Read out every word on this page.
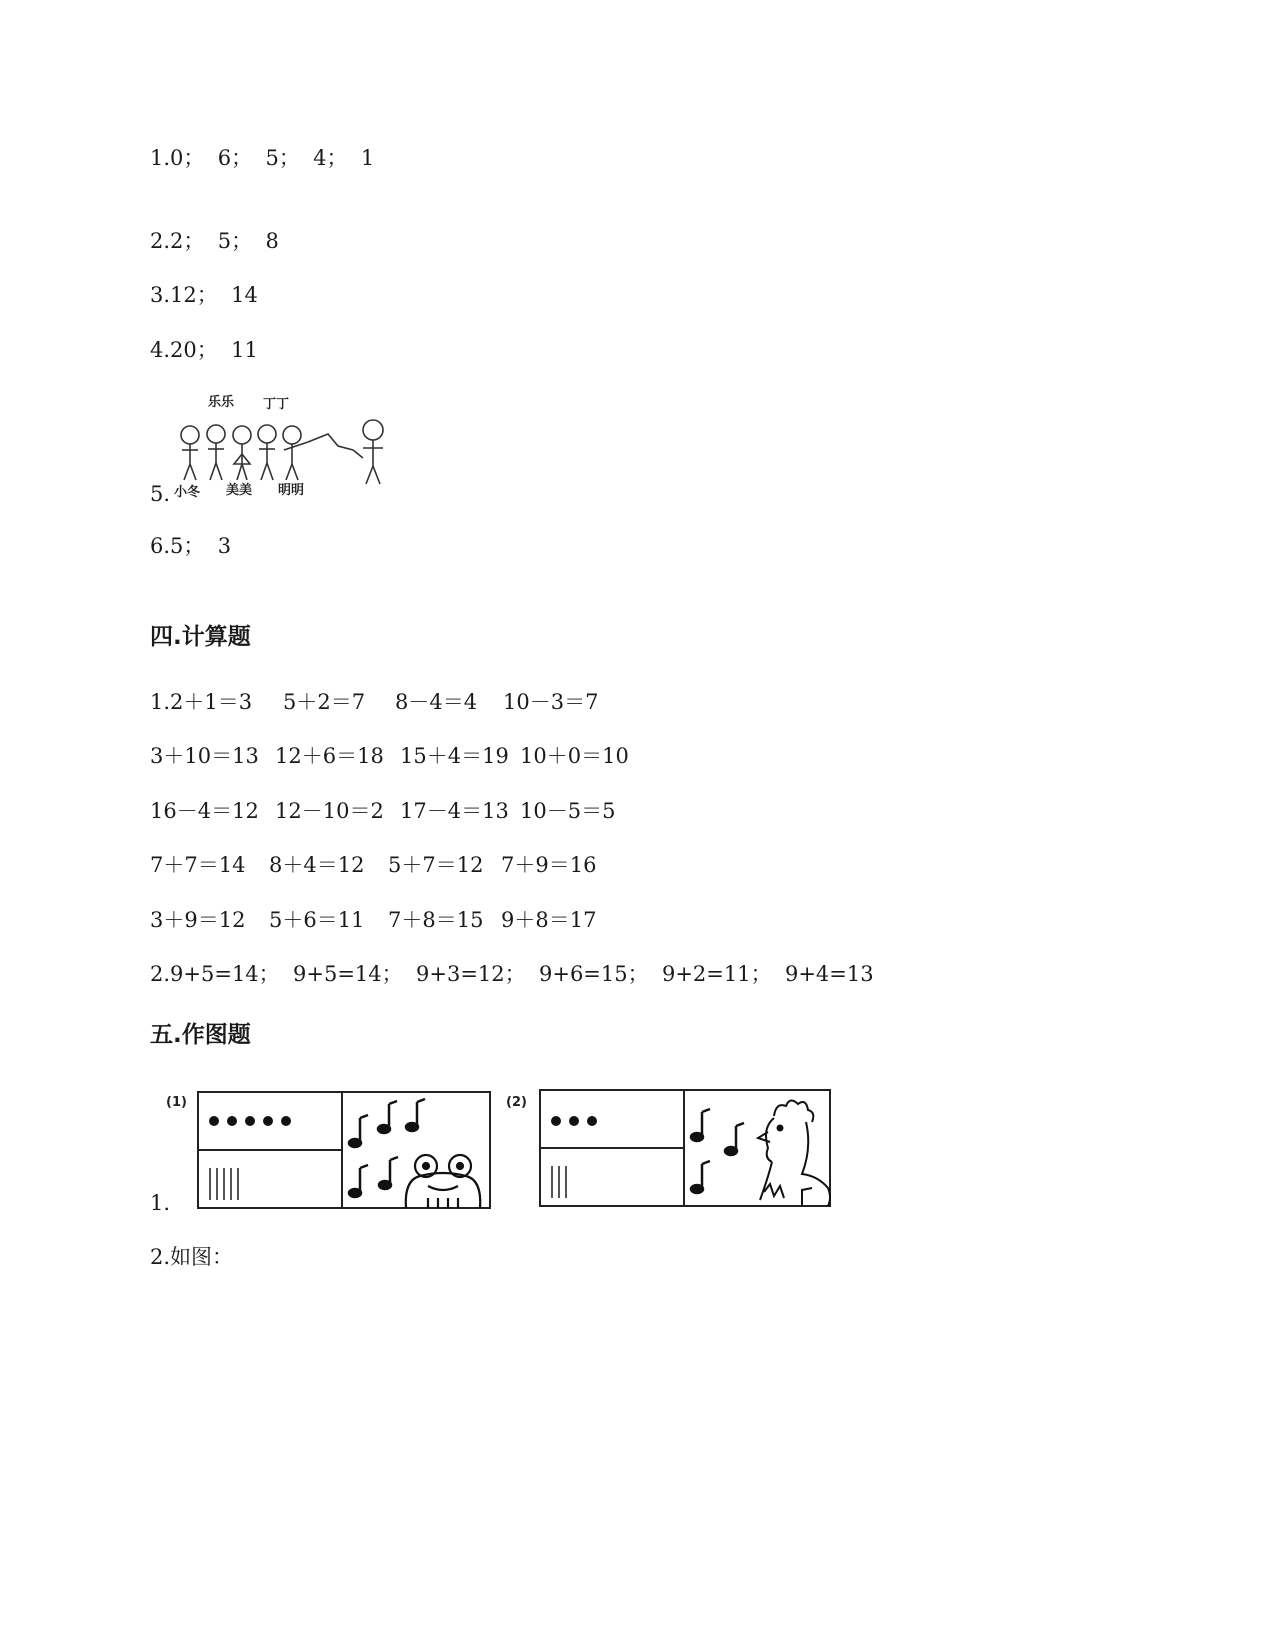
1.0；  6；  5；  4；  1
2.2；  5；  8
3.12；  14
4.20；  11
5.
乐乐 丁丁
小冬 美美 明明
6.5；  3
四.计算题
1.2＋1＝3 5＋2＝7 8－4＝4 10－3＝7
3＋10＝13 12＋6＝18 15＋4＝19 10＋0＝10
16－4＝12 12－10＝2 17－4＝13 10－5＝5
7＋7＝14 8＋4＝12 5＋7＝12 7＋9＝16
3＋9＝12 5＋6＝11 7＋8＝15 9＋8＝17
2.9+5=14；  9+5=14；  9+3=12；  9+6=15；  9+2=11；  9+4=13
五.作图题
1.
(1)	(2)
2.如图：
